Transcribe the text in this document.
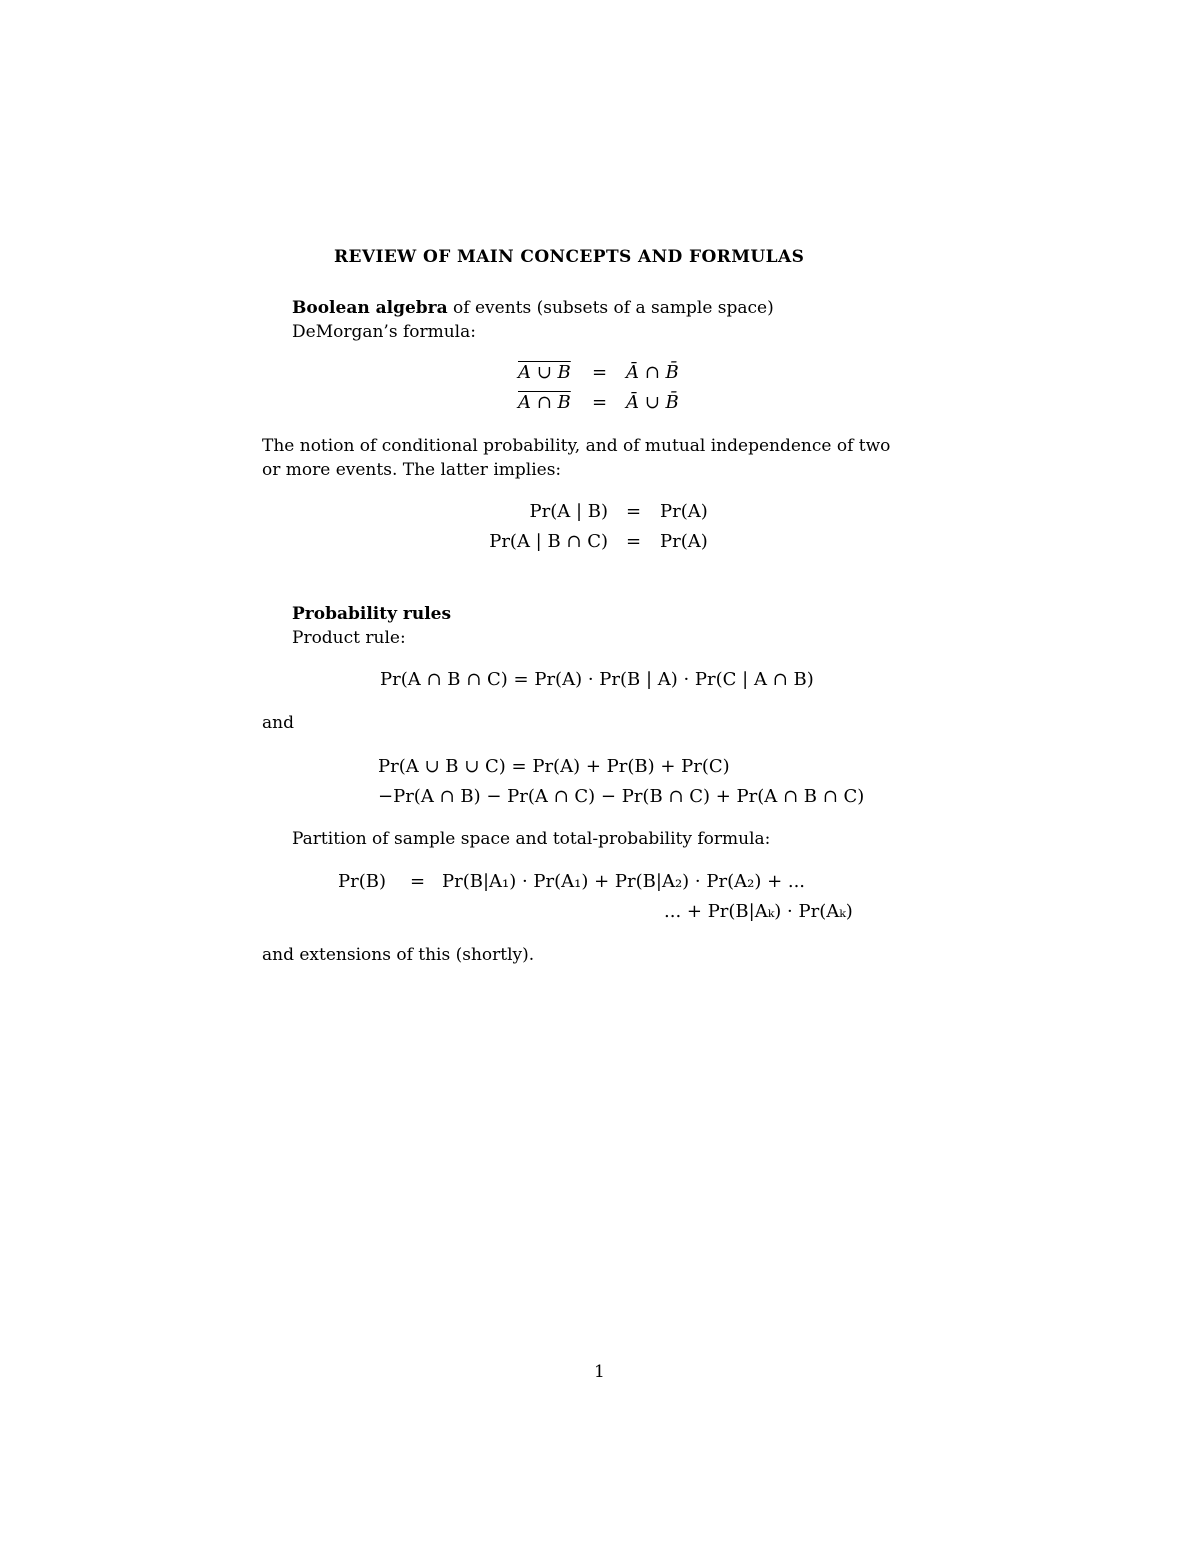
REVIEW OF MAIN CONCEPTS AND FORMULAS
Boolean algebra of events (subsets of a sample space)
DeMorgan’s formula:
A ∪ B = Ā ∩ B̄
A ∩ B = Ā ∪ B̄
The notion of conditional probability, and of mutual independence of two
or more events. The latter implies:
Pr(A | B) = Pr(A)
Pr(A | B ∩ C) = Pr(A)
Probability rules
Product rule:
Pr(A ∩ B ∩ C) = Pr(A) · Pr(B | A) · Pr(C | A ∩ B)
and
Pr(A ∪ B ∪ C) = Pr(A) + Pr(B) + Pr(C)
−Pr(A ∩ B) − Pr(A ∩ C) − Pr(B ∩ C) + Pr(A ∩ B ∩ C)
Partition of sample space and total-probability formula:
Pr(B) = Pr(B|A₁) · Pr(A₁) + Pr(B|A₂) · Pr(A₂) + ...
... + Pr(B|Aₖ) · Pr(Aₖ)
and extensions of this (shortly).
1
